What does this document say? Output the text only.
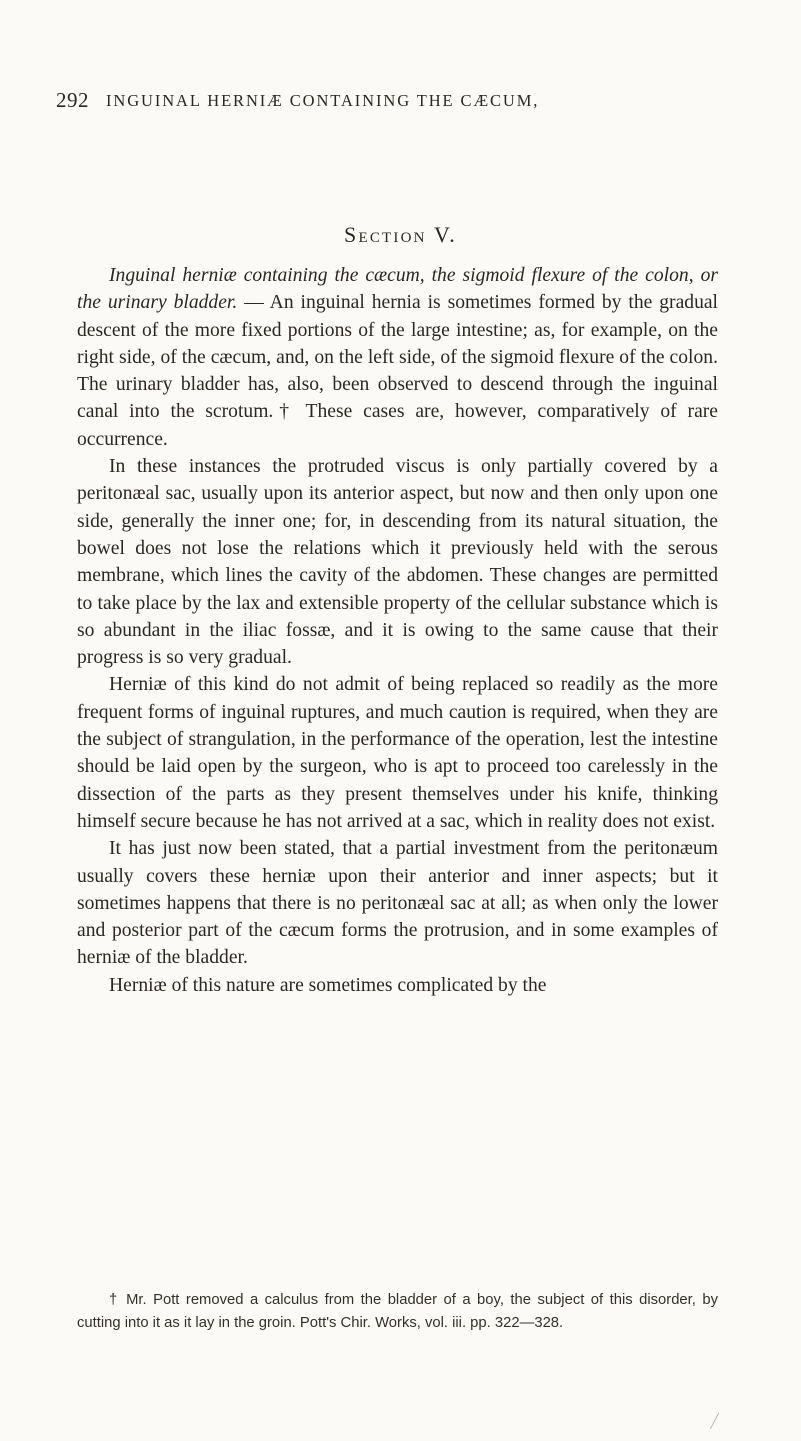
292 INGUINAL HERNIÆ CONTAINING THE CÆCUM,
Section V.

Inguinal herniæ containing the cæcum, the sigmoid flexure of the colon, or the urinary bladder. — An inguinal hernia is sometimes formed by the gradual descent of the more fixed portions of the large intestine; as, for example, on the right side, of the cæcum, and, on the left side, of the sigmoid flexure of the colon. The urinary bladder has, also, been observed to descend through the inguinal canal into the scrotum.† These cases are, however, comparatively of rare occurrence.

In these instances the protruded viscus is only partially covered by a peritonæal sac, usually upon its anterior aspect, but now and then only upon one side, generally the inner one; for, in descending from its natural situation, the bowel does not lose the relations which it previously held with the serous membrane, which lines the cavity of the abdomen. These changes are permitted to take place by the lax and extensible property of the cellular substance which is so abundant in the iliac fossæ, and it is owing to the same cause that their progress is so very gradual.

Herniæ of this kind do not admit of being replaced so readily as the more frequent forms of inguinal ruptures, and much caution is required, when they are the subject of strangulation, in the performance of the operation, lest the intestine should be laid open by the surgeon, who is apt to proceed too carelessly in the dissection of the parts as they present themselves under his knife, thinking himself secure because he has not arrived at a sac, which in reality does not exist.

It has just now been stated, that a partial investment from the peritonæum usually covers these herniæ upon their anterior and inner aspects; but it sometimes happens that there is no peritonæal sac at all; as when only the lower and posterior part of the cæcum forms the protrusion, and in some examples of herniæ of the bladder.

Herniæ of this nature are sometimes complicated by the

† Mr. Pott removed a calculus from the bladder of a boy, the subject of this disorder, by cutting into it as it lay in the groin. Pott's Chir. Works, vol. iii. pp. 322—328.
